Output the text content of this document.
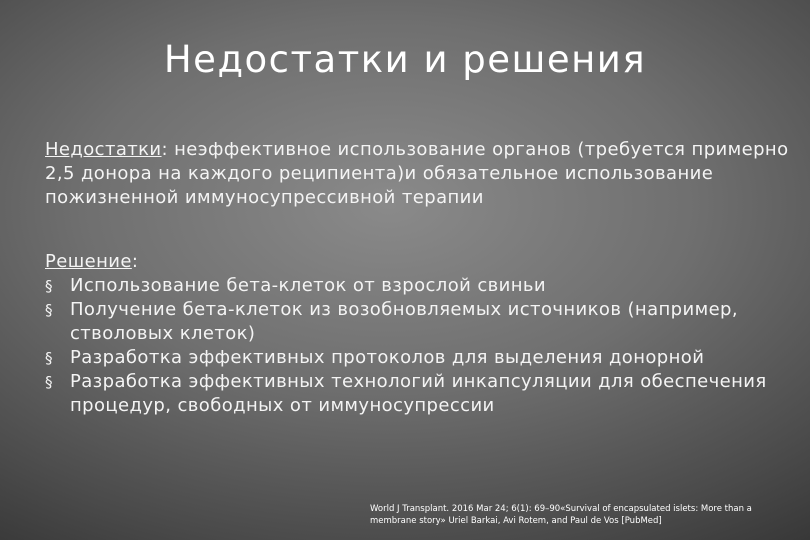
Недостатки и решения
Недостатки: неэффективное использование органов (требуется примерно
2,5 донора на каждого реципиента)и обязательное использование
пожизненной иммуносупрессивной терапии
Решение:
§ Использование бета-клеток от взрослой свиньи
§ Получение бета-клеток из возобновляемых источников (например,
стволовых клеток)
§ Разработка эффективных протоколов для выделения донорной
§ Разработка эффективных технологий инкапсуляции для обеспечения
процедур, свободных от иммуносупрессии
World J Transplant. 2016 Mar 24; 6(1): 69–90«Survival of encapsulated islets: More than a
membrane story» Uriel Barkai, Avi Rotem, and Paul de Vos [PubMed]
